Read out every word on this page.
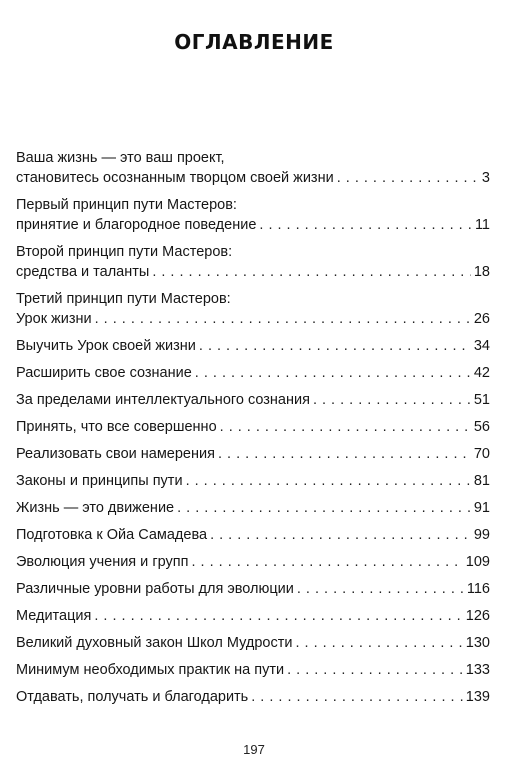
ОГЛАВЛЕНИЕ
Ваша жизнь — это ваш проект,
становитесь осознанным творцом своей жизни . . .	3
Первый принцип пути Мастеров:
принятие и благородное поведение . . .	11
Второй принцип пути Мастеров:
средства и таланты . . .	18
Третий принцип пути Мастеров:
Урок жизни . . .	26
Выучить Урок своей жизни . . .	34
Расширить свое сознание . . .	42
За пределами интеллектуального сознания . . .	51
Принять, что все совершенно . . .	56
Реализовать свои намерения . . .	70
Законы и принципы пути . . .	81
Жизнь — это движение . . .	91
Подготовка к Ойа Самадева . . .	99
Эволюция учения и групп . . .	109
Различные уровни работы для эволюции . . .	116
Медитация . . .	126
Великий духовный закон Школ Мудрости . . .	130
Минимум необходимых практик на пути . . .	133
Отдавать, получать и благодарить . . .	139
197
